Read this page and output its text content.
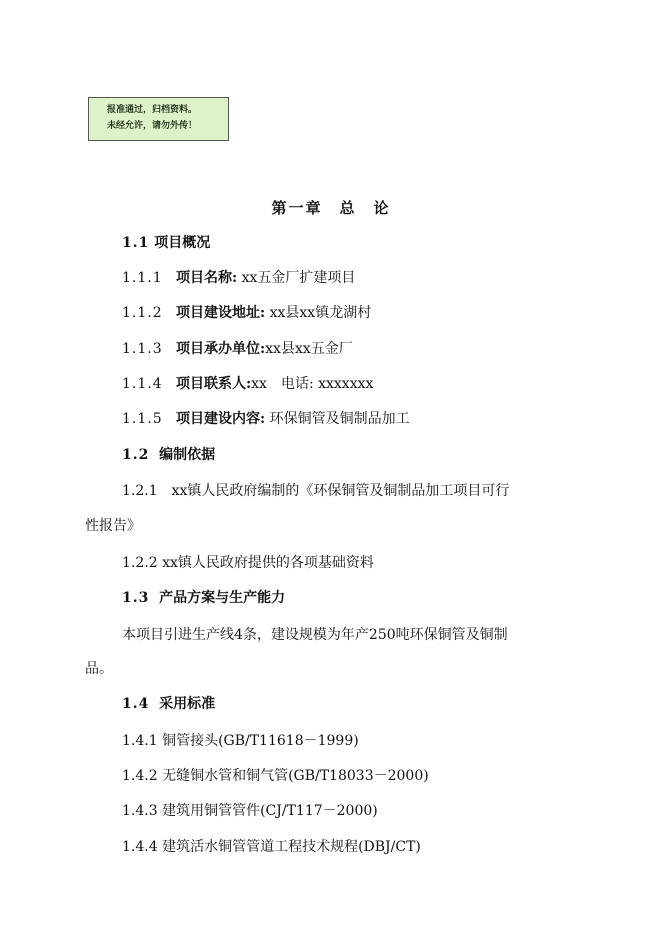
报准通过，归档资料。
未经允许，请勿外传！
第一章　总　论
1.1 项目概况
1.1.1 项目名称: xx五金厂扩建项目
1.1.2 项目建设地址: xx县xx镇龙湖村
1.1.3 项目承办单位:xx县xx五金厂
1.1.4 项目联系人:xx　电话: xxxxxxx
1.1.5 项目建设内容: 环保铜管及铜制品加工
1.2 编制依据
1.2.1　xx镇人民政府编制的《环保铜管及铜制品加工项目可行
性报告》
1.2.2 xx镇人民政府提供的各项基础资料
1.3 产品方案与生产能力
本项目引进生产线4条，建设规模为年产250吨环保铜管及铜制
品。
1.4 采用标准
1.4.1 铜管接头(GB/T11618－1999)
1.4.2 无缝铜水管和铜气管(GB/T18033－2000)
1.4.3 建筑用铜管管件(CJ/T117－2000)
1.4.4 建筑活水铜管管道工程技术规程(DBJ/CT)
